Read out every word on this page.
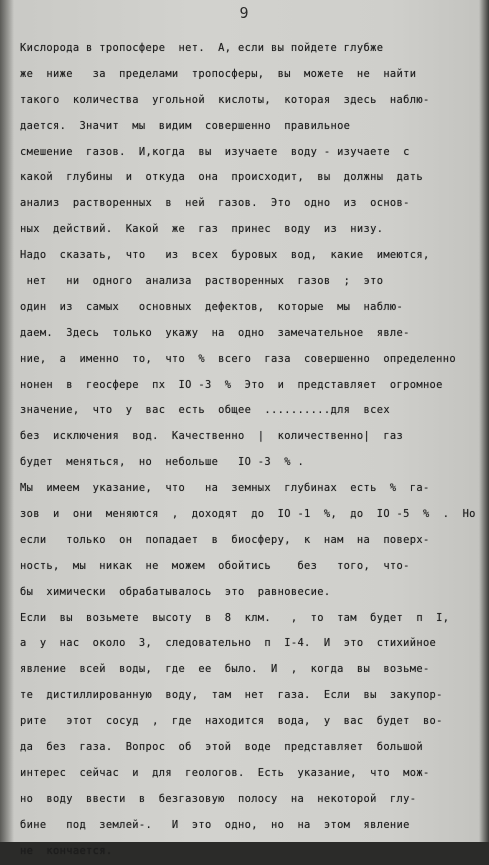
9
Кислорода в тропосфере  нет.  А, если вы пойдете глубже
же  ниже   за  пределами  тропосферы,  вы  можете  не  найти
такого  количества  угольной  кислоты,  которая  здесь  наблю-
дается.  Значит  мы  видим  совершенно  правильное
смешение  газов.  И,когда  вы  изучаете  воду - изучаете  с
какой  глубины  и  откуда  она  происходит,  вы  должны  дать
анализ  растворенных  в  ней  газов.  Это  одно  из  основ-
ных  действий.  Какой  же  газ  принес  воду  из  низу.
Надо  сказать,  что   из  всех  буровых  вод,  какие  имеются,
нет   ни  одного  анализа  растворенных  газов  ;  это
один  из  самых   основных  дефектов,  которые  мы  наблю-
даем.  Здесь  только  укажу  на  одно  замечательное  явле-
ние,  а  именно  то,  что  %  всего  газа  совершенно  определенно
нонен  в  геосфере  пх  IO -3  %  Это  и  представляет  огромное
значение,  что  у  вас  есть  общее  ..........для  всех
без  исключения  вод.  Качественно  |  количественно|  газ
будет  меняться,  но  небольше   IO -3  % .
Мы  имеем  указание,  что   на  земных  глубинах  есть  %  га-
зов  и  они  меняются  ,  доходят  до  IO -1  %,  до  IO -5  %  .  Но
если   только  он  попадает  в  биосферу,  к  нам  на  поверх-
ность,  мы  никак  не  можем  обойтись    без   того,  что-
бы  химически  обрабатывалось  это  равновесие.
Если  вы  возьмете  высоту  в  8  клм.   ,  то  там  будет  п  I,
а  у  нас  около  3,  следовательно  п  I-4.  И  это  стихийное
явление  всей  воды,  где  ее  было.  И  ,  когда  вы  возьме-
те  дистиллированную  воду,  там  нет  газа.  Если  вы  закупор-
рите   этот  сосуд  ,  где  находится  вода,  у  вас  будет  во-
да  без  газа.  Вопрос  об  этой  воде  представляет  большой
интерес  сейчас  и  для  геологов.  Есть  указание,  что  мож-
но  воду  ввести  в  безгазовую  полосу  на  некоторой  глу-
бине   под  землей-.   И  это  одно,  но  на  этом  явление
не  кончается.
